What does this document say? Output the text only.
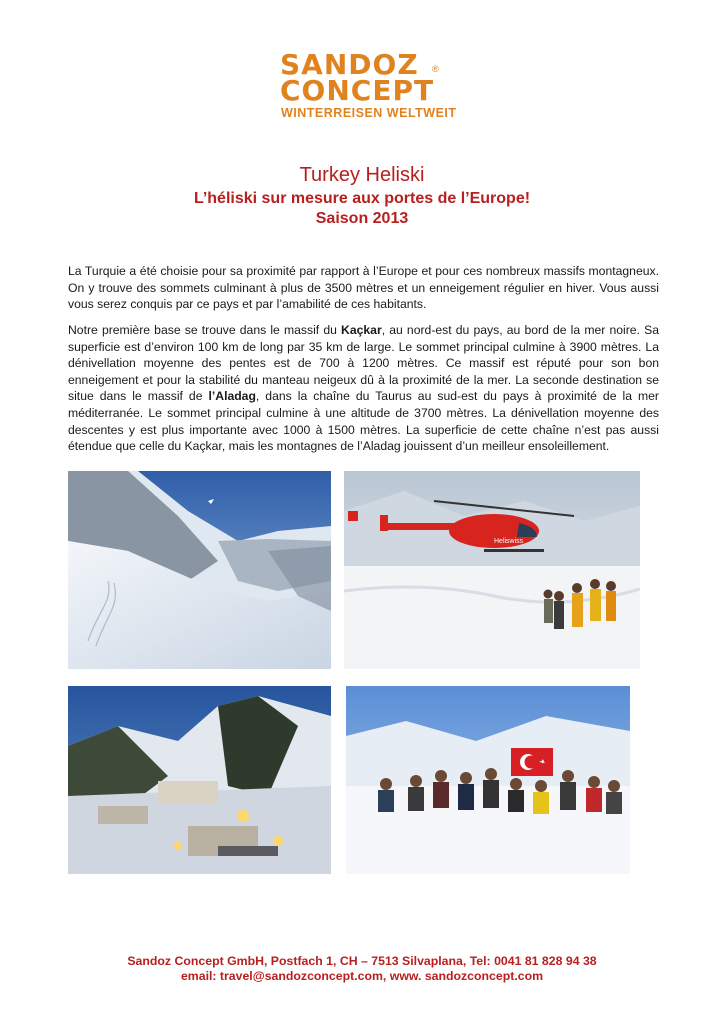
SANDOZ
CONCEPT
®
WINTERREISEN WELTWEIT
Turkey Heliski
L’héliski sur mesure aux portes de l’Europe!
Saison 2013
La Turquie a été choisie pour sa proximité par rapport à l’Europe et pour ces nombreux massifs montagneux. On y trouve des sommets culminant à plus de 3500 mètres et un enneigement régulier en hiver. Vous aussi vous serez conquis par ce pays et par l’amabilité de ces habitants.
Notre première base se trouve dans le massif du Kaçkar, au nord-est du pays, au bord de la mer noire. Sa superficie est d’environ 100 km de long par 35 km de large. Le sommet principal culmine à 3900 mètres. La dénivellation moyenne des pentes est de 700 à 1200 mètres. Ce massif est réputé pour son bon enneigement et pour la stabilité du manteau neigeux dû à la proximité de la mer. La seconde destination se situe dans le massif de l’Aladag, dans la chaîne du Taurus au sud-est du pays à proximité de la mer méditerranée. Le sommet principal culmine à une altitude de 3700 mètres. La dénivellation moyenne des descentes y est plus importante avec 1000 à 1500 mètres. La superficie de cette chaîne n’est pas aussi étendue que celle du Kaçkar, mais les montagnes de l’Aladag jouissent d’un meilleur ensoleillement.
Heliswiss
Sandoz Concept GmbH, Postfach 1, CH – 7513 Silvaplana, Tel: 0041 81 828 94 38
email: travel@sandozconcept.com, www. sandozconcept.com
